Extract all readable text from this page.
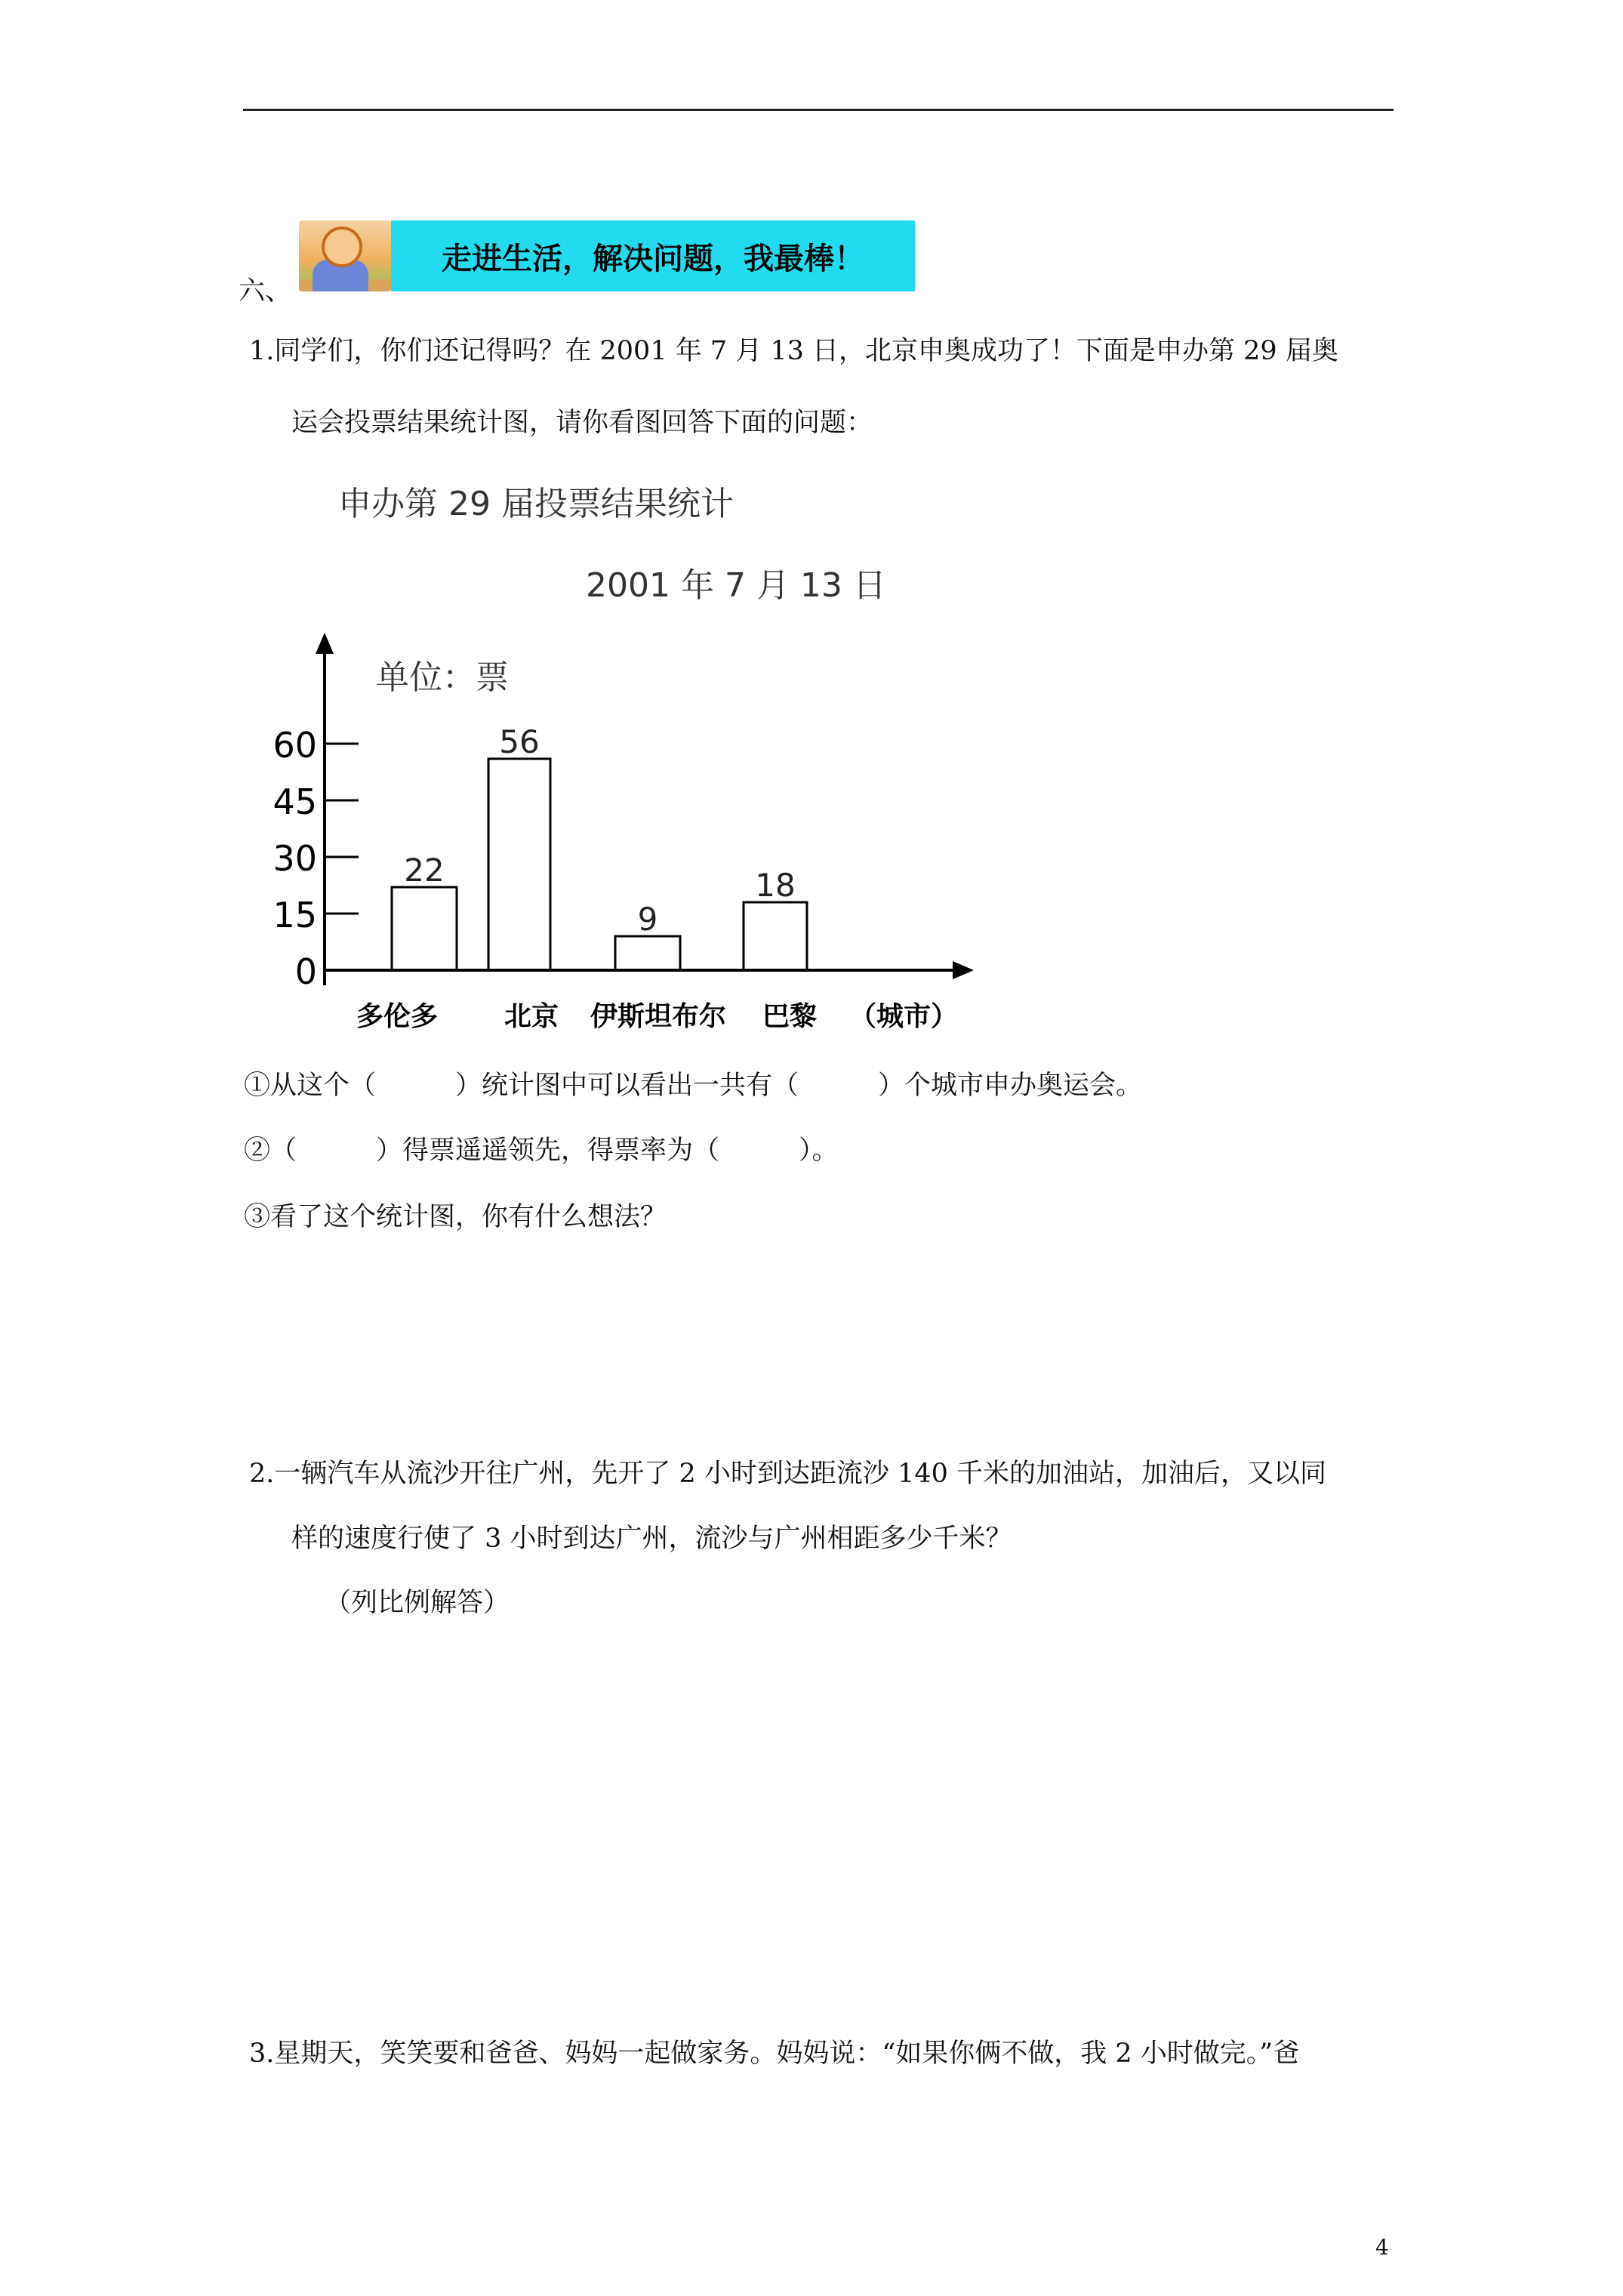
六、
走进生活，解决问题，我最棒！
1.同学们，你们还记得吗？在 2001 年 7 月 13 日，北京申奥成功了！下面是申办第 29 届奥
运会投票结果统计图，请你看图回答下面的问题：
申办第 29 届投票结果统计
2001 年 7 月 13 日
单位：票
0
15
30
45
60
22
56
9
18
多伦多 北京 伊斯坦布尔 巴黎 （城市）
①从这个（　　　）统计图中可以看出一共有（　　　）个城市申办奥运会。
②（　　　）得票遥遥领先，得票率为（　　　）。
③看了这个统计图，你有什么想法？
2.一辆汽车从流沙开往广州，先开了 2 小时到达距流沙 140 千米的加油站，加油后，又以同
样的速度行使了 3 小时到达广州，流沙与广州相距多少千米？
（列比例解答）
3.星期天，笑笑要和爸爸、妈妈一起做家务。妈妈说：“如果你俩不做，我 2 小时做完。”爸
4
